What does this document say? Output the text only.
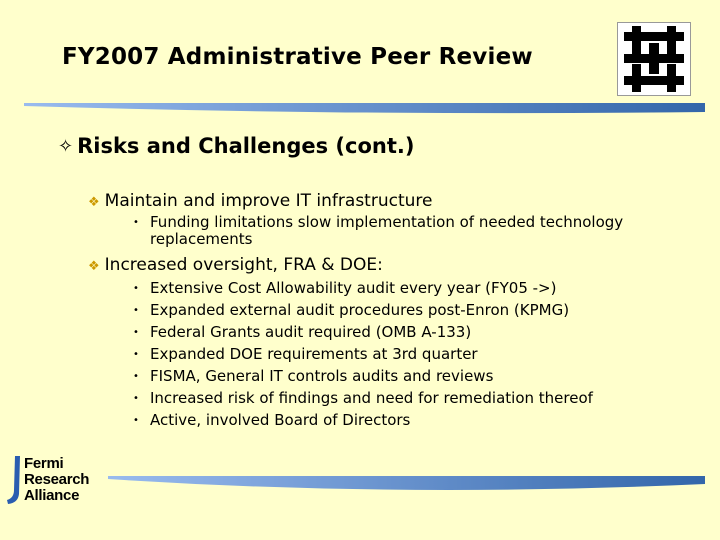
FY2007 Administrative Peer Review
✧ Risks and Challenges (cont.)
❖ Maintain and improve IT infrastructure
• Funding limitations slow implementation of needed technology
replacements
❖ Increased oversight, FRA & DOE:
• Extensive Cost Allowability audit every year (FY05 ->)
• Expanded external audit procedures post-Enron (KPMG)
• Federal Grants audit required (OMB A-133)
• Expanded DOE requirements at 3rd quarter
• FISMA, General IT controls audits and reviews
• Increased risk of findings and need for remediation thereof
• Active, involved Board of Directors
Fermi
Research
Alliance
